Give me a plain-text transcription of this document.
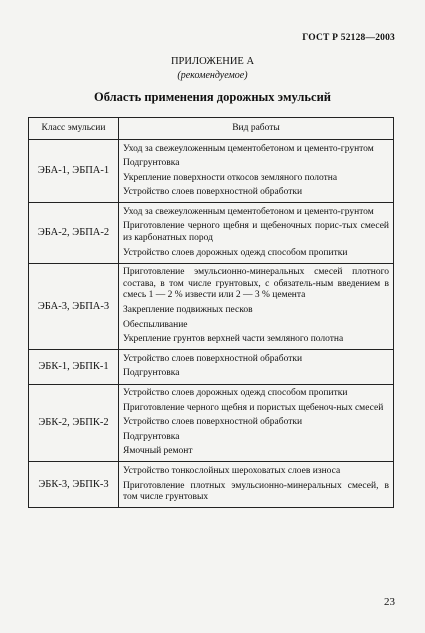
ГОСТ Р 52128—2003
ПРИЛОЖЕНИЕ А
(рекомендуемое)
Область применения дорожных эмульсий
Класс эмульсии	Вид работы
ЭБА-1, ЭБПА-1	Уход за свежеуложенным цементобетоном и цементо-грунтом
Подгрунтовка
Укрепление поверхности откосов земляного полотна
Устройство слоев поверхностной обработки

ЭБА-2, ЭБПА-2	Уход за свежеуложенным цементобетоном и цементо-грунтом
Приготовление черного щебня и щебеночных порис-тых смесей из карбонатных пород
Устройство слоев дорожных одежд способом пропитки

ЭБА-3, ЭБПА-3	Приготовление эмульсионно-минеральных смесей плотного состава, в том числе грунтовых, с обязатель-ным введением в смесь 1 — 2 % извести или 2 — 3 % цемента
Закрепление подвижных песков
Обеспыливание
Укрепление грунтов верхней части земляного полотна

ЭБК-1, ЭБПК-1	Устройство слоев поверхностной обработки
Подгрунтовка

ЭБК-2, ЭБПК-2	Устройство слоев дорожных одежд способом пропитки
Приготовление черного щебня и пористых щебеноч-ных смесей
Устройство слоев поверхностной обработки
Подгрунтовка
Ямочный ремонт

ЭБК-3, ЭБПК-3	Устройство тонкослойных шероховатых слоев износа
Приготовление плотных эмульсионно-минеральных смесей, в том числе грунтовых
23
